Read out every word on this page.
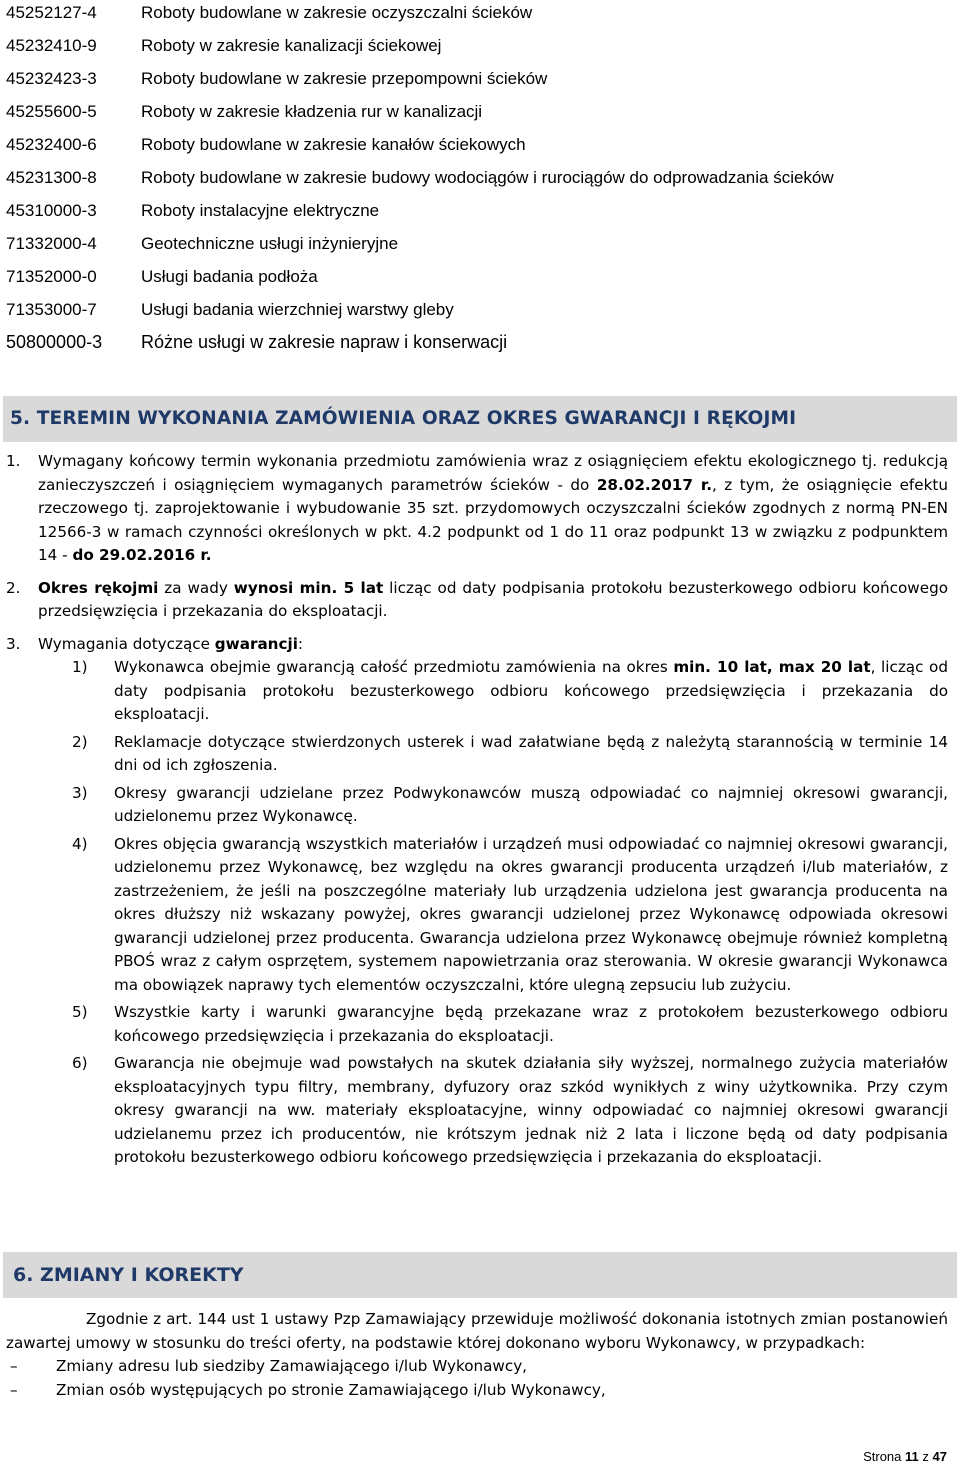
45252127-4	Roboty budowlane w zakresie oczyszczalni ścieków
45232410-9	Roboty w zakresie kanalizacji ściekowej
45232423-3	Roboty budowlane w zakresie przepompowni ścieków
45255600-5	Roboty w zakresie kładzenia rur w kanalizacji
45232400-6	Roboty budowlane w zakresie kanałów ściekowych
45231300-8	Roboty budowlane w zakresie budowy wodociągów i rurociągów do odprowadzania ścieków
45310000-3	Roboty instalacyjne elektryczne
71332000-4	Geotechniczne usługi inżynieryjne
71352000-0	Usługi badania podłoża
71353000-7	Usługi badania wierzchniej warstwy gleby
50800000-3	Różne usługi w zakresie napraw i konserwacji
5. TEREMIN WYKONANIA ZAMÓWIENIA ORAZ OKRES GWARANCJI I RĘKOJMI
1.	Wymagany końcowy termin wykonania przedmiotu zamówienia wraz z osiągnięciem efektu ekologicznego tj. redukcją zanieczyszczeń i osiągnięciem wymaganych parametrów ścieków - do 28.02.2017 r., z tym, że osiągnięcie efektu rzeczowego tj. zaprojektowanie i wybudowanie 35 szt. przydomowych oczyszczalni ścieków zgodnych z normą PN-EN 12566-3 w ramach czynności określonych w pkt. 4.2 podpunkt od 1 do 11 oraz podpunkt 13 w związku z podpunktem 14 - do 29.02.2016 r.
2.	Okres rękojmi za wady wynosi min. 5 lat licząc od daty podpisania protokołu bezusterkowego odbioru końcowego przedsięwzięcia i przekazania do eksploatacji.
3.	Wymagania dotyczące gwarancji:
1)	Wykonawca obejmie gwarancją całość przedmiotu zamówienia na okres min. 10 lat, max 20 lat, licząc od daty podpisania protokołu bezusterkowego odbioru końcowego przedsięwzięcia i przekazania do eksploatacji.
2)	Reklamacje dotyczące stwierdzonych usterek i wad załatwiane będą z należytą starannością w terminie 14 dni od ich zgłoszenia.
3)	Okresy gwarancji udzielane przez Podwykonawców muszą odpowiadać co najmniej okresowi gwarancji, udzielonemu przez Wykonawcę.
4)	Okres objęcia gwarancją wszystkich materiałów i urządzeń musi odpowiadać co najmniej okresowi gwarancji, udzielonemu przez Wykonawcę, bez względu na okres gwarancji producenta urządzeń i/lub materiałów, z zastrzeżeniem, że jeśli na poszczególne materiały lub urządzenia udzielona jest gwarancja producenta na okres dłuższy niż wskazany powyżej, okres gwarancji udzielonej przez Wykonawcę odpowiada okresowi gwarancji udzielonej przez producenta. Gwarancja udzielona przez Wykonawcę obejmuje również kompletną PBOŚ wraz z całym osprzętem, systemem napowietrzania oraz sterowania. W okresie gwarancji Wykonawca ma obowiązek naprawy tych elementów oczyszczalni, które ulegną zepsuciu lub zużyciu.
5)	Wszystkie karty i warunki gwarancyjne będą przekazane wraz z protokołem bezusterkowego odbioru końcowego przedsięwzięcia i przekazania do eksploatacji.
6)	Gwarancja nie obejmuje wad powstałych na skutek działania siły wyższej, normalnego zużycia materiałów eksploatacyjnych typu filtry, membrany, dyfuzory oraz szkód wynikłych z winy użytkownika. Przy czym okresy gwarancji na ww. materiały eksploatacyjne, winny odpowiadać co najmniej okresowi gwarancji udzielanemu przez ich producentów, nie krótszym jednak niż 2 lata i liczone będą od daty podpisania protokołu bezusterkowego odbioru końcowego przedsięwzięcia i przekazania do eksploatacji.
6. ZMIANY I KOREKTY
Zgodnie z art. 144 ust 1 ustawy Pzp Zamawiający przewiduje możliwość dokonania istotnych zmian postanowień zawartej umowy w stosunku do treści oferty, na podstawie której dokonano wyboru Wykonawcy, w przypadkach:
–	Zmiany adresu lub siedziby Zamawiającego i/lub Wykonawcy,
–	Zmian osób występujących po stronie Zamawiającego i/lub Wykonawcy,
Strona 11 z 47
